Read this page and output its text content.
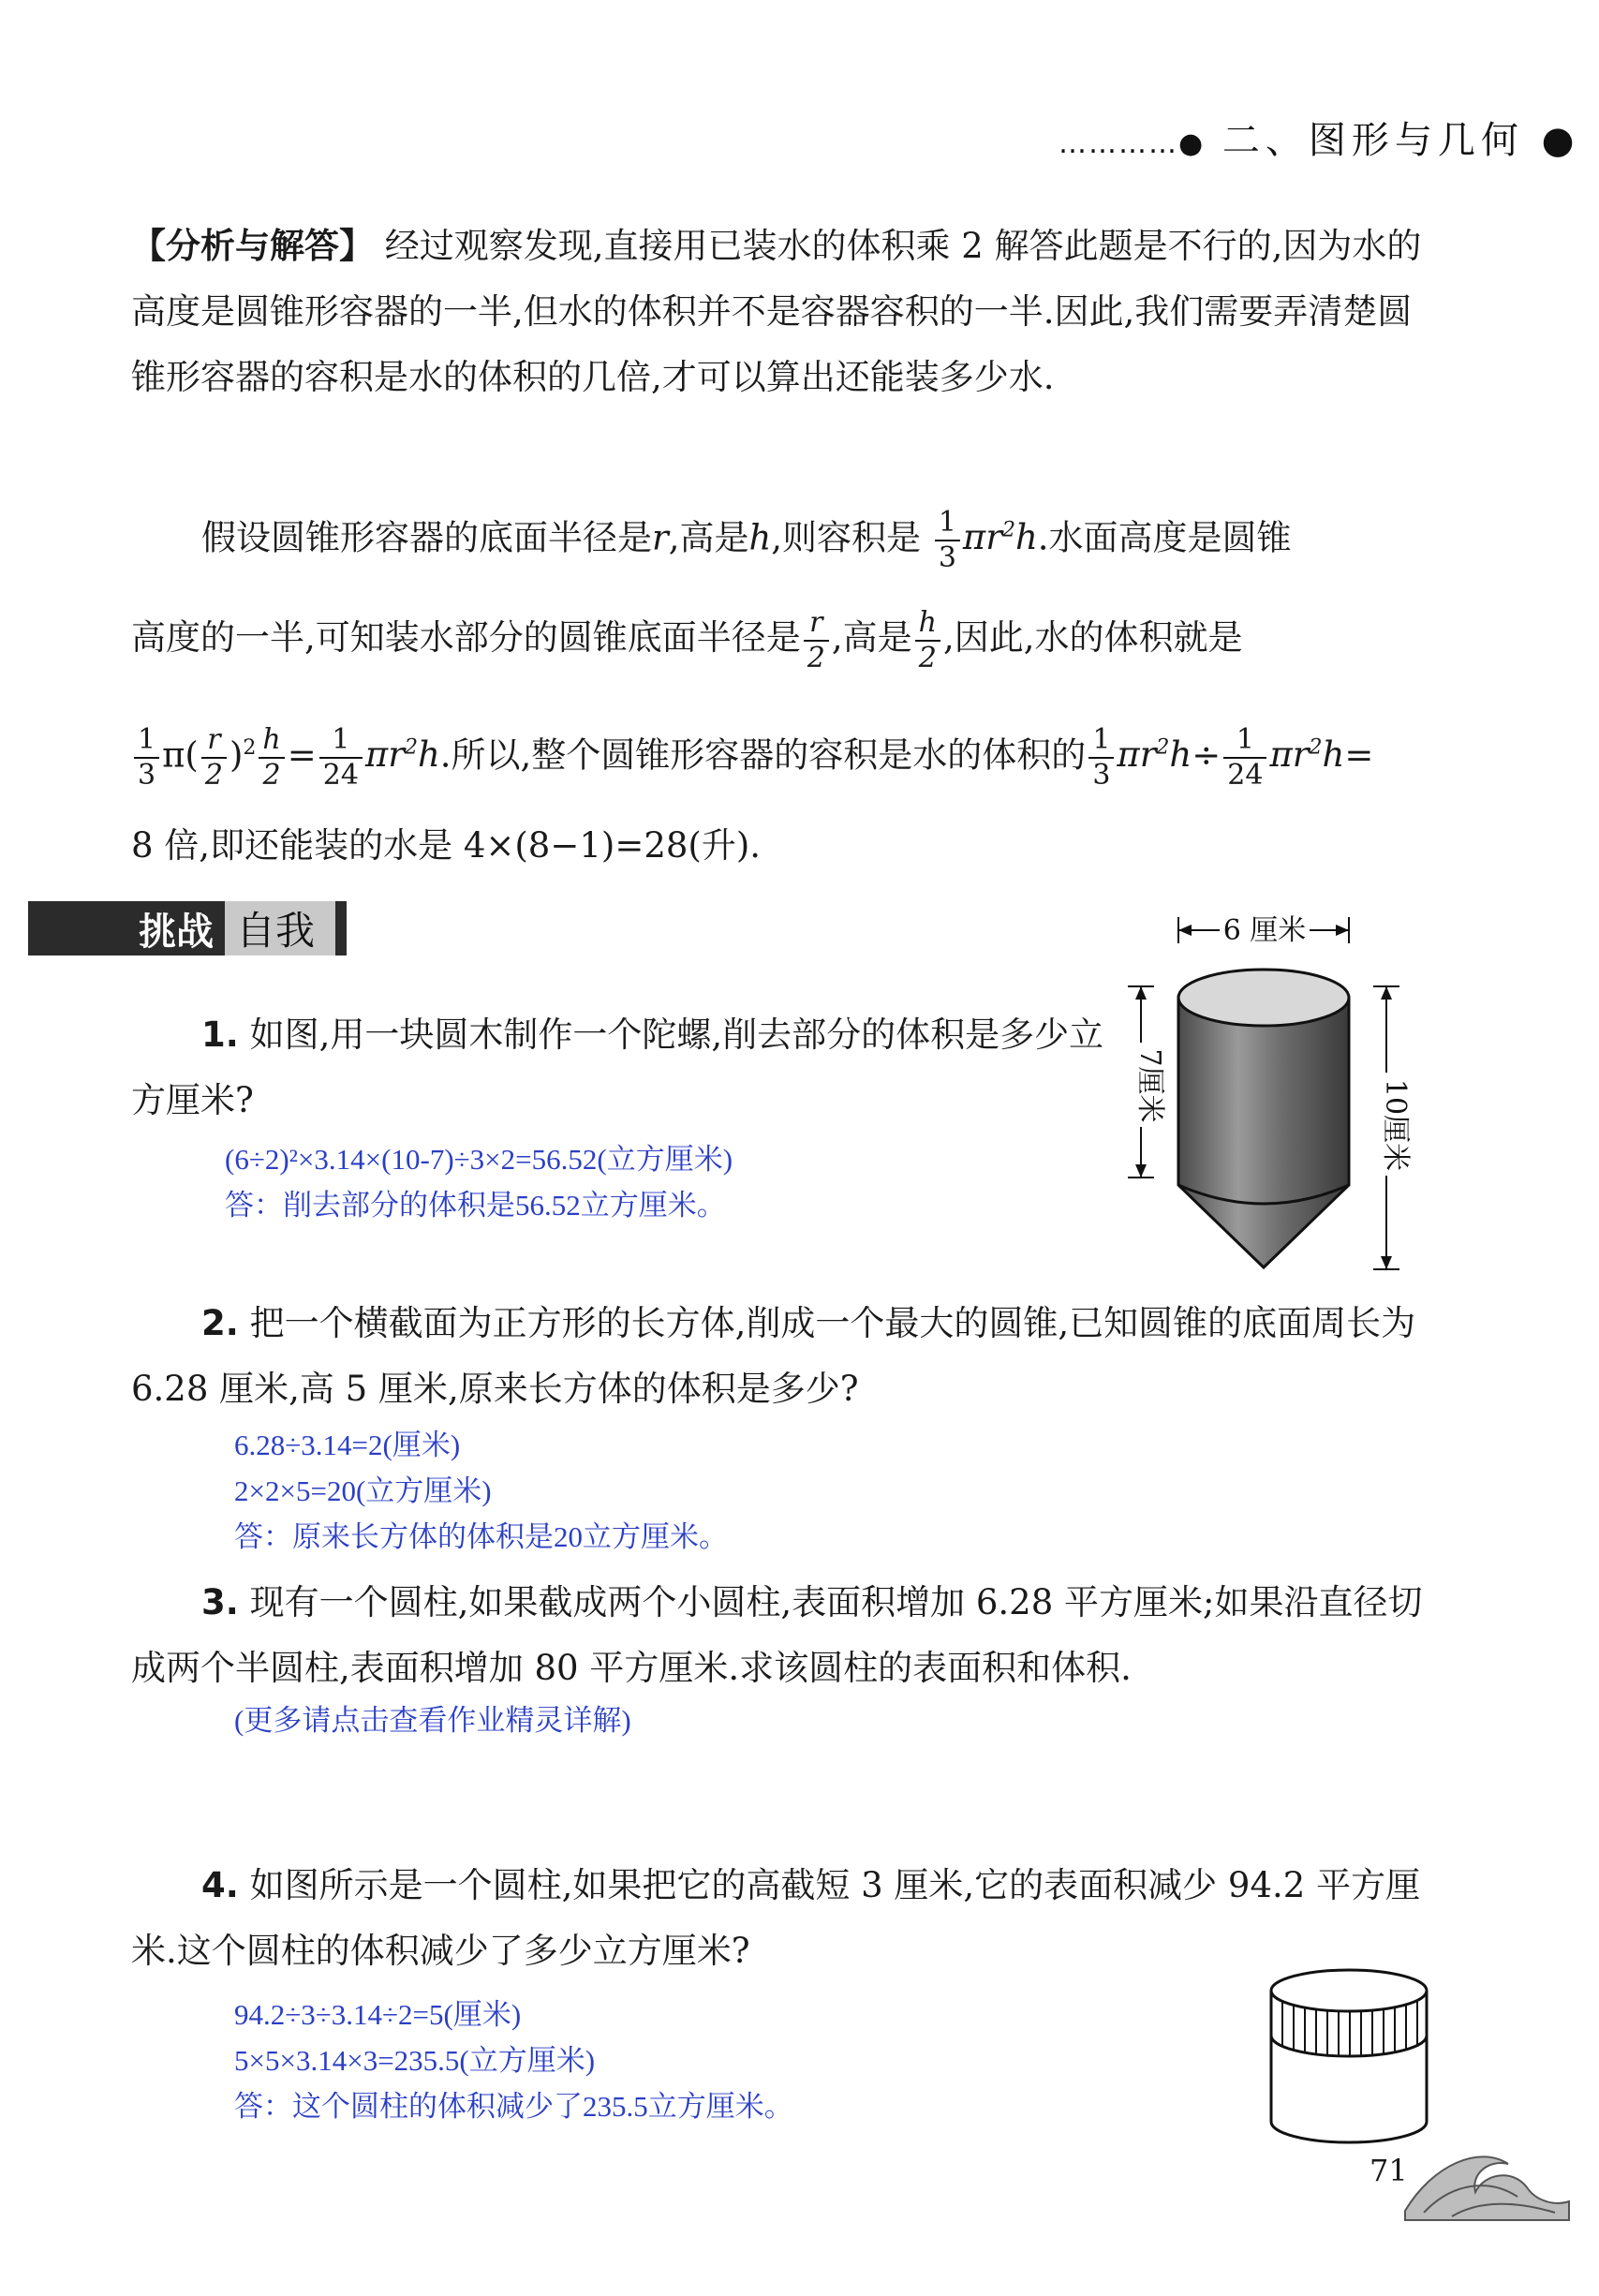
…………● 二、图形与几何 ●
【分析与解答】 经过观察发现,直接用已装水的体积乘 2 解答此题是不行的,因为水的高度是圆锥形容器的一半,但水的体积并不是容器容积的一半.因此,我们需要弄清楚圆锥形容器的容积是水的体积的几倍,才可以算出还能装多少水.
假设圆锥形容器的底面半径是r,高是h,则容积是 $\frac{1}{3} \pi r^2h$.水面高度是圆锥
高度的一半,可知装水部分的圆锥底面半径是 $\frac{r}{2}$ ,高是 $\frac{h}{2}$ ,因此,水的体积就是
$\frac{1}{3} \pi( \frac{r}{2} )^2 \frac{h}{2} = \frac{1}{24} \pi r^2h$.所以,整个圆锥形容器的容积是水的体积的 $\frac{1}{3} \pi r^2h\div \frac{1}{24} \pi r^2h=$
8 倍,即还能装的水是 4×(8−1)=28(升).
挑战 自我
1. 如图,用一块圆木制作一个陀螺,削去部分的体积是多少立方厘米?
(6÷2)²×3.14×(10-7)÷3×2=56.52(立方厘米)
答：削去部分的体积是56.52立方厘米。
6 厘米
7厘米	10厘米
2. 把一个横截面为正方形的长方体,削成一个最大的圆锥,已知圆锥的底面周长为 6.28 厘米,高 5 厘米,原来长方体的体积是多少?
6.28÷3.14=2(厘米)
2×2×5=20(立方厘米)
答：原来长方体的体积是20立方厘米。
3. 现有一个圆柱,如果截成两个小圆柱,表面积增加 6.28 平方厘米;如果沿直径切成两个半圆柱,表面积增加 80 平方厘米.求该圆柱的表面积和体积.
(更多请点击查看作业精灵详解)
4. 如图所示是一个圆柱,如果把它的高截短 3 厘米,它的表面积减少 94.2 平方厘米.这个圆柱的体积减少了多少立方厘米?
94.2÷3÷3.14÷2=5(厘米)
5×5×3.14×3=235.5(立方厘米)
答：这个圆柱的体积减少了235.5立方厘米。
71
